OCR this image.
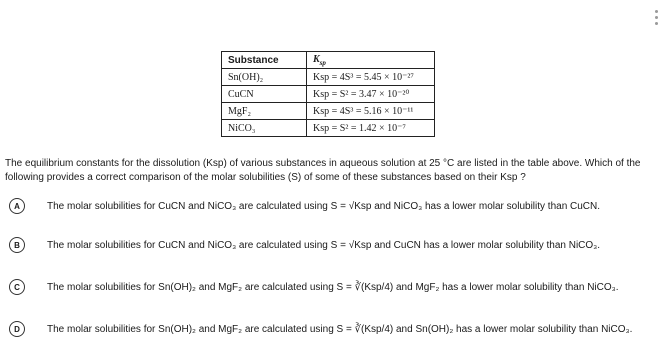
Substance	$K_{sp}$
Sn(OH)₂	Ksp = 4S³ = 5.45 × 10⁻²⁷
CuCN	Ksp = S² = 3.47 × 10⁻²⁰
MgF₂	Ksp = 4S³ = 5.16 × 10⁻¹¹
NiCO₃	Ksp = S² = 1.42 × 10⁻⁷
The equilibrium constants for the dissolution (Ksp) of various substances in aqueous solution at 25 °C are listed in the table above. Which of the following provides a correct comparison of the molar solubilities (S) of some of these substances based on their Ksp ?
A	The molar solubilities for CuCN and NiCO₃ are calculated using S = √Ksp and NiCO₃ has a lower molar solubility than CuCN.
B	The molar solubilities for CuCN and NiCO₃ are calculated using S = √Ksp and CuCN has a lower molar solubility than NiCO₃.
C	The molar solubilities for Sn(OH)₂ and MgF₂ are calculated using S = ∛(Ksp/4) and MgF₂ has a lower molar solubility than NiCO₃.
D	The molar solubilities for Sn(OH)₂ and MgF₂ are calculated using S = ∛(Ksp/4) and Sn(OH)₂ has a lower molar solubility than NiCO₃.
